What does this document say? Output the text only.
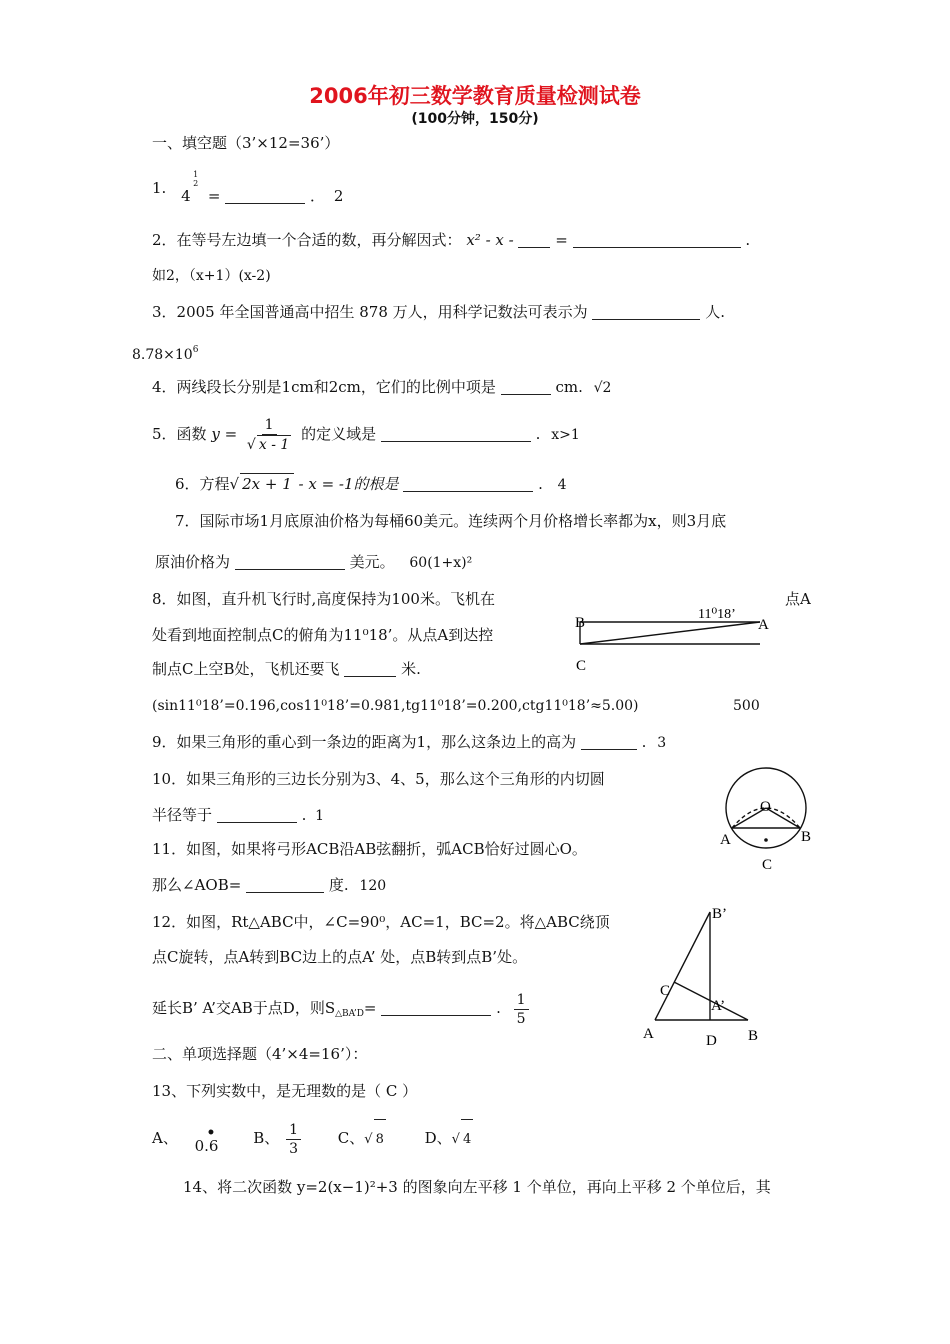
2006年初三数学教育质量检测试卷
(100分钟，150分)
一、填空题（3’×12=36’）
1. 4
1
2
=	． 2
2．在等号左边填一个合适的数，再分解因式： x² - x -  =	.
如2，（x+1）(x-2)
3．2005 年全国普通高中招生 878 万人，用科学记数法可表示为	人.
$8.78\times 10^6$
4．两线段长分别是1cm和2cm，它们的比例中项是	cm. √2
5．函数 $y = \frac{1}{√ x - 1}$ 的定义域是	. x>1
6．方程√ 2x + 1 - x = -1的根是	. 4
7．国际市场1月底原油价格为每桶60美元。连续两个月价格增长率都为x，则3月底
原油价格为	美元。 60(1+x)²
8．如图，直升机飞行时,高度保持为100米。飞机在	点A
处看到地面控制点C的俯角为11⁰18’。从点A到达控
制点C上空B处，飞机还要飞	米.
(sin11⁰18’=0.196,cos11⁰18’=0.981,tg11⁰18’=0.200,ctg11⁰18’≈5.00)	500
B	A
C
11⁰18’
9．如果三角形的重心到一条边的距离为1，那么这条边上的高为	. 3
10．如果三角形的三边长分别为3、4、5，那么这个三角形的内切圆
半径等于	. 1
O
A	B
C
11．如图，如果将弓形ACB沿AB弦翻折，弧ACB恰好过圆心O。
那么∠AOB=	度. 120
12．如图，Rt△ABC中，∠C=90⁰，AC=1，BC=2。将△ABC绕顶
点C旋转，点A转到BC边上的点A’ 处，点B转到点B’处。
延长B’ A’交AB于点D，则$S_{\triangle BA’D}=$	. $\frac{1}{5}$
B’
C
A’
A	D B
二、单项选择题（4’×4=16’）：
13、下列实数中，是无理数的是（ C ）
A、 0.6
•	B、 $\frac{1}{3}$ C、√ 8	D、√ 4
14、将二次函数 y=2(x−1)²+3 的图象向左平移 1 个单位，再向上平移 2 个单位后，其
